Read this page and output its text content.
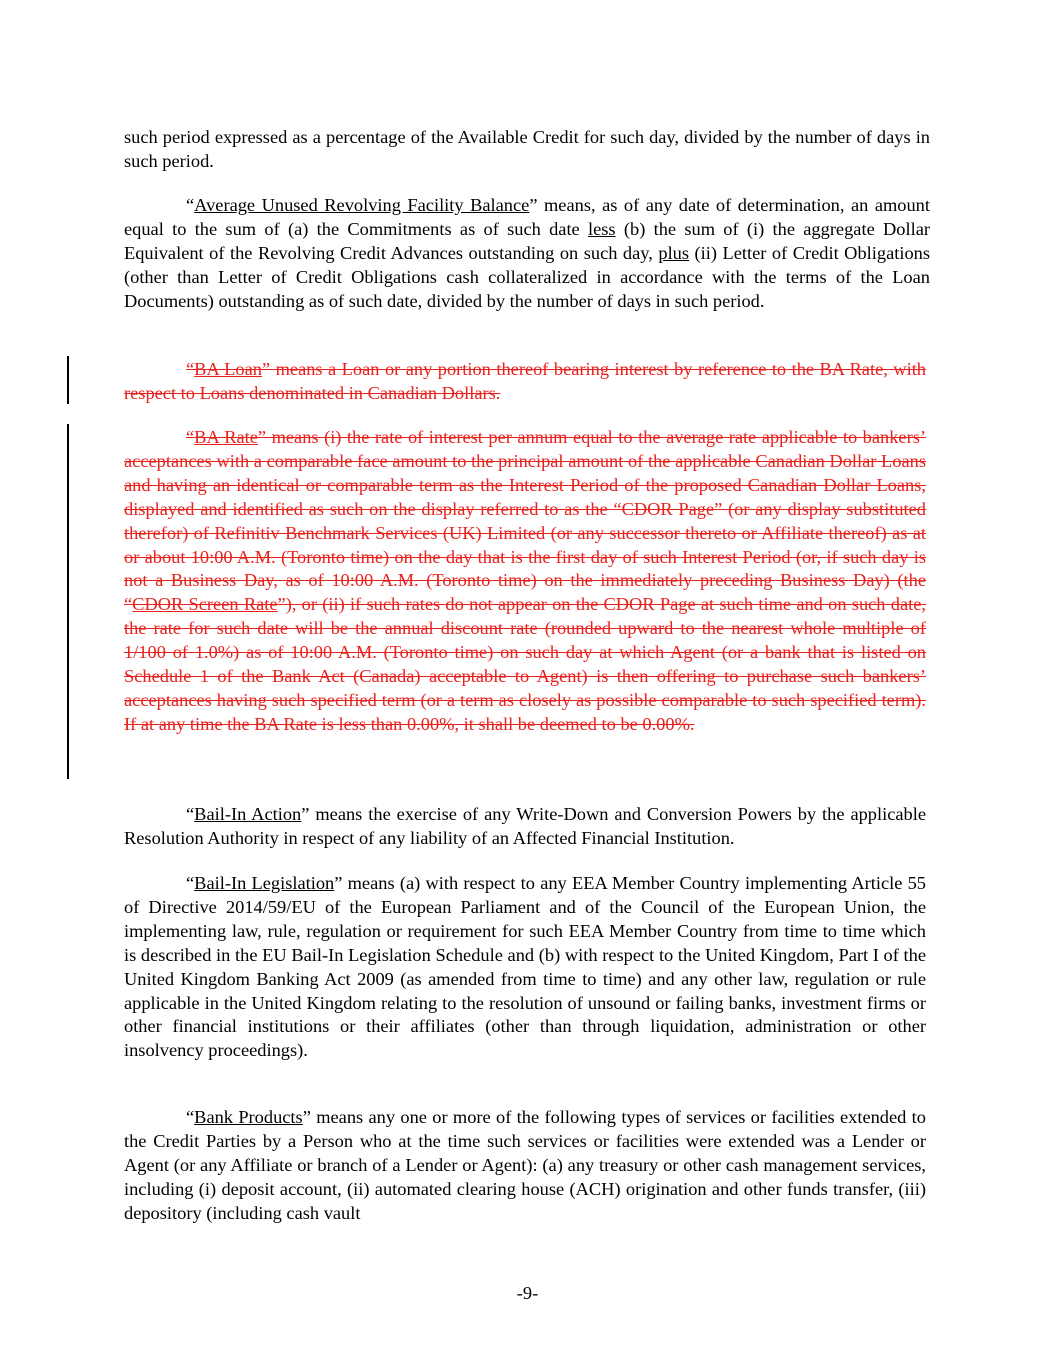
such period expressed as a percentage of the Available Credit for such day, divided by the number of days in such period.

“Average Unused Revolving Facility Balance” means, as of any date of determination, an amount equal to the sum of (a) the Commitments as of such date less (b) the sum of (i) the aggregate Dollar Equivalent of the Revolving Credit Advances outstanding on such day, plus (ii) Letter of Credit Obligations (other than Letter of Credit Obligations cash collateralized in accordance with the terms of the Loan Documents) outstanding as of such date, divided by the number of days in such period.

“BA Loan” means a Loan or any portion thereof bearing interest by reference to the BA Rate, with respect to Loans denominated in Canadian Dollars.

“BA Rate” means (i) the rate of interest per annum equal to the average rate applicable to bankers’ acceptances with a comparable face amount to the principal amount of the applicable Canadian Dollar Loans and having an identical or comparable term as the Interest Period of the proposed Canadian Dollar Loans, displayed and identified as such on the display referred to as the “CDOR Page” (or any display substituted therefor) of Refinitiv Benchmark Services (UK) Limited (or any successor thereto or Affiliate thereof) as at or about 10:00 A.M. (Toronto time) on the day that is the first day of such Interest Period (or, if such day is not a Business Day, as of 10:00 A.M. (Toronto time) on the immediately preceding Business Day) (the “CDOR Screen Rate”), or (ii) if such rates do not appear on the CDOR Page at such time and on such date, the rate for such date will be the annual discount rate (rounded upward to the nearest whole multiple of 1/100 of 1.0%) as of 10:00 A.M. (Toronto time) on such day at which Agent (or a bank that is listed on Schedule 1 of the Bank Act (Canada) acceptable to Agent) is then offering to purchase such bankers’ acceptances having such specified term (or a term as closely as possible comparable to such specified term). If at any time the BA Rate is less than 0.00%, it shall be deemed to be 0.00%.

“Bail-In Action” means the exercise of any Write-Down and Conversion Powers by the applicable Resolution Authority in respect of any liability of an Affected Financial Institution.

“Bail-In Legislation” means (a) with respect to any EEA Member Country implementing Article 55 of Directive 2014/59/EU of the European Parliament and of the Council of the European Union, the implementing law, rule, regulation or requirement for such EEA Member Country from time to time which is described in the EU Bail-In Legislation Schedule and (b) with respect to the United Kingdom, Part I of the United Kingdom Banking Act 2009 (as amended from time to time) and any other law, regulation or rule applicable in the United Kingdom relating to the resolution of unsound or failing banks, investment firms or other financial institutions or their affiliates (other than through liquidation, administration or other insolvency proceedings).

“Bank Products” means any one or more of the following types of services or facilities extended to the Credit Parties by a Person who at the time such services or facilities were extended was a Lender or Agent (or any Affiliate or branch of a Lender or Agent): (a) any treasury or other cash management services, including (i) deposit account, (ii) automated clearing house (ACH) origination and other funds transfer, (iii) depository (including cash vault

-9-
